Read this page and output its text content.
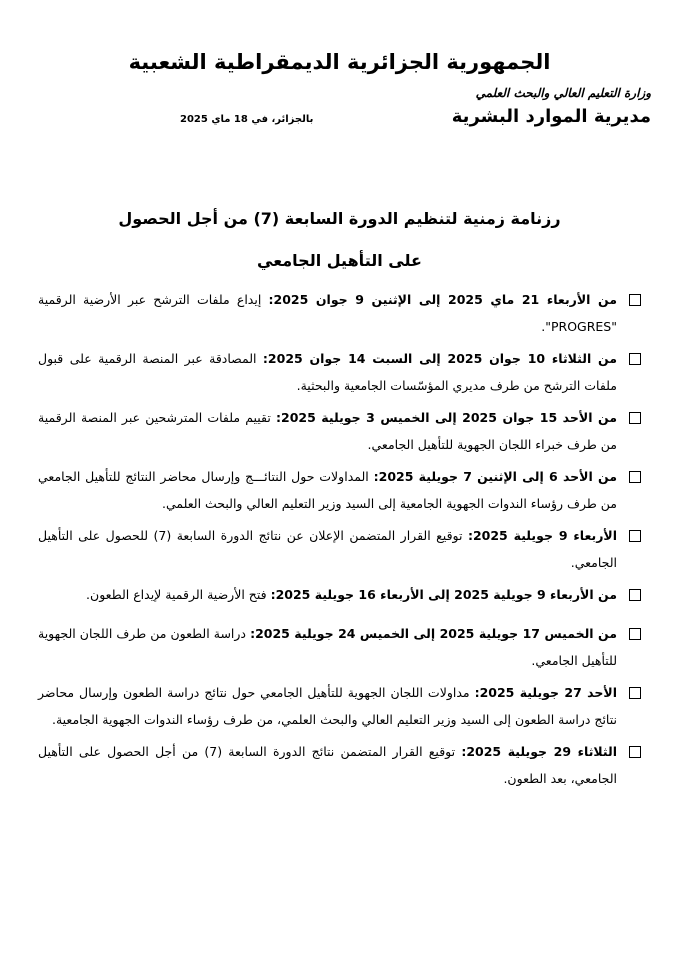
الجمهورية الجزائرية الديمقراطية الشعبية
وزارة التعليم العالي والبحث العلمي
مديرية الموارد البشرية
بالجزائر، في 18 ماي 2025
رزنامة زمنية لتنظيم الدورة السابعة (7) من أجل الحصول
على التأهيل الجامعي
من الأربعاء 21 ماي 2025 إلى الإثنين 9 جوان 2025: إيداع ملفات الترشح عبر الأرضية الرقمية "PROGRES".
من الثلاثاء 10 جوان 2025 إلى السبت 14 جوان 2025: المصادقة عبر المنصة الرقمية على قبول ملفات الترشح من طرف مديري المؤسّسات الجامعية والبحثية.
من الأحد 15 جوان 2025 إلى الخميس 3 جويلية 2025: تقييم ملفات المترشحين عبر المنصة الرقمية من طرف خبراء اللجان الجهوية للتأهيل الجامعي.
من الأحد 6 إلى الإثنين 7 جويلية 2025: المداولات حول النتائـــج وإرسال محاضر النتائج للتأهيل الجامعي من طرف رؤساء الندوات الجهوية الجامعية إلى السيد وزير التعليم العالي والبحث العلمي.
الأربعاء 9 جويلية 2025: توقيع القرار المتضمن الإعلان عن نتائج الدورة السابعة (7) للحصول على التأهيل الجامعي.
من الأربعاء 9 جويلية 2025 إلى الأربعاء 16 جويلية 2025: فتح الأرضية الرقمية لإيداع الطعون.
من الخميس 17 جويلية 2025 إلى الخميس 24 جويلية 2025: دراسة الطعون من طرف اللجان الجهوية للتأهيل الجامعي.
الأحد 27 جويلية 2025: مداولات اللجان الجهوية للتأهيل الجامعي حول نتائج دراسة الطعون وإرسال محاضر نتائج دراسة الطعون إلى السيد وزير التعليم العالي والبحث العلمي، من طرف رؤساء الندوات الجهوية الجامعية.
الثلاثاء 29 جويلية 2025: توقيع القرار المتضمن نتائج الدورة السابعة (7) من أجل الحصول على التأهيل الجامعي، بعد الطعون.
